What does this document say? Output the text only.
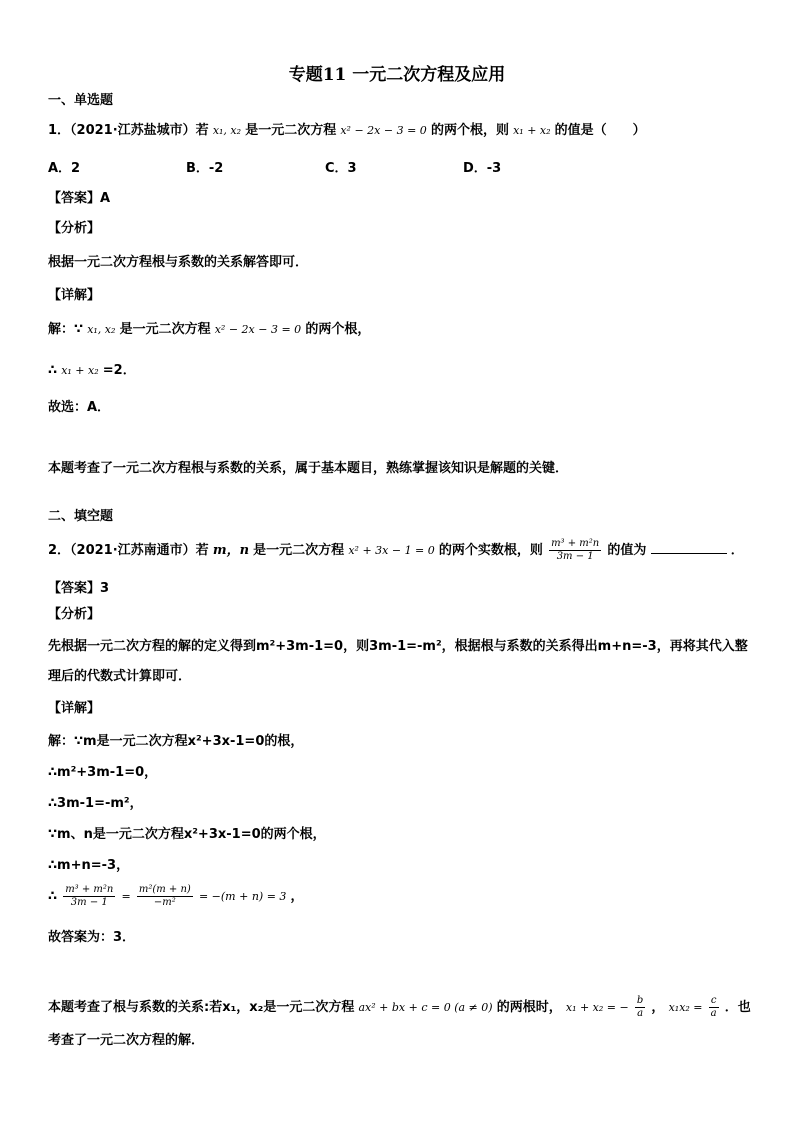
专题11 一元二次方程及应用
一、单选题
1．（2021·江苏盐城市）若 x₁, x₂ 是一元二次方程 x² − 2x − 3 = 0 的两个根，则 x₁ + x₂ 的值是（　　）
A．2	B．-2	C．3	D．-3
【答案】A
【分析】
根据一元二次方程根与系数的关系解答即可．
【详解】
解：∵ x₁, x₂ 是一元二次方程 x² − 2x − 3 = 0 的两个根，
∴ x₁ + x₂ =2．
故选：A．
本题考查了一元二次方程根与系数的关系，属于基本题目，熟练掌握该知识是解题的关键．
二、填空题
2．（2021·江苏南通市）若 m，n 是一元二次方程 x² + 3x − 1 = 0 的两个实数根，则 $\frac{\text{m³ + m²n}}{3m - 1}$ 的值为	．
【答案】3
【分析】
先根据一元二次方程的解的定义得到m²+3m-1=0，则3m-1=-m²，根据根与系数的关系得出m+n=-3，再将其代入整
理后的代数式计算即可．
【详解】
解：∵m是一元二次方程x²+3x-1=0的根，
∴m²+3m-1=0，
∴3m-1=-m²，
∵m、n是一元二次方程x²+3x-1=0的两个根，
∴m+n=-3，
∴ $\frac{\text{m³ + m²n}}{3m - 1} = \frac{\text{m²(m + n)}}{\text{−m²}} = -(m + n) = 3$ ，
故答案为：3．
本题考查了根与系数的关系:若x₁，x₂是一元二次方程 ax² + bx + c = 0 (a ≠ 0) 的两根时， x₁ + x₂ = − $\frac{b}{a}$ ， $x_1x_2 = \frac{c}{a}$ ．也
考查了一元二次方程的解．
